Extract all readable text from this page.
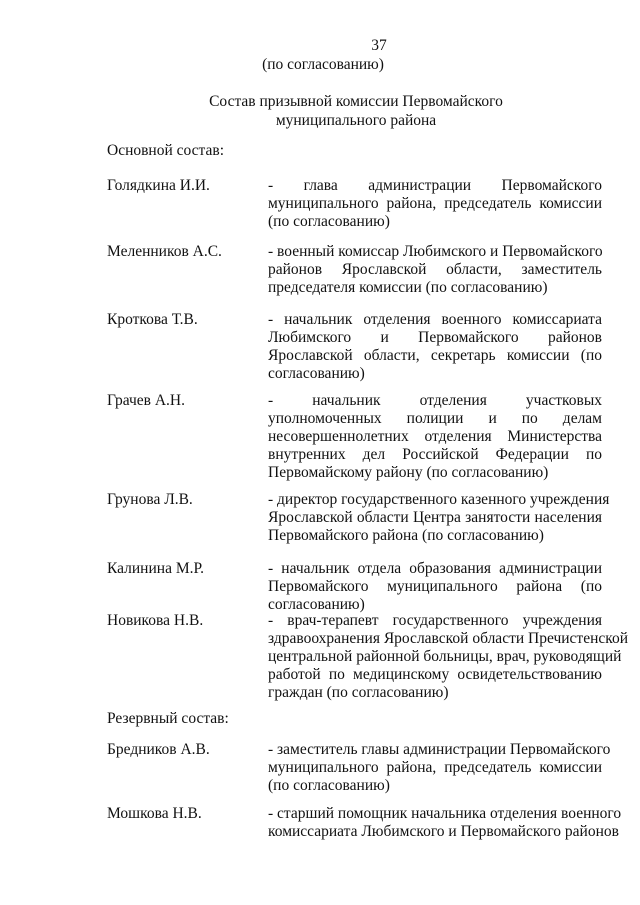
37
(по согласованию)
Состав призывной комиссии Первомайского
муниципального района
Основной состав:
Голядкина И.И.	- глава администрации Первомайского
муниципального района, председатель комиссии
(по согласованию)
Меленников А.С.	- военный комиссар Любимского и Первомайского
районов Ярославской области, заместитель
председателя комиссии (по согласованию)
Кроткова Т.В.	- начальник отделения военного комиссариата
Любимского и Первомайского районов
Ярославской области, секретарь комиссии (по
согласованию)
Грачев А.Н.	- начальник отделения участковых
уполномоченных полиции и по делам
несовершеннолетних отделения Министерства
внутренних дел Российской Федерации по
Первомайскому району (по согласованию)
Грунова Л.В.	- директор государственного казенного учреждения
Ярославской области Центра занятости населения
Первомайского района (по согласованию)
Калинина М.Р.	- начальник отдела образования администрации
Первомайского муниципального района (по
согласованию)
Новикова Н.В.	- врач-терапевт государственного учреждения
здравоохранения Ярославской области Пречистенской
центральной районной больницы, врач, руководящий
работой по медицинскому освидетельствованию
граждан (по согласованию)
Резервный состав:
Бредников А.В.	- заместитель главы администрации Первомайского
муниципального района, председатель комиссии
(по согласованию)
Мошкова Н.В.	- старший помощник начальника отделения военного
комиссариата Любимского и Первомайского районов
